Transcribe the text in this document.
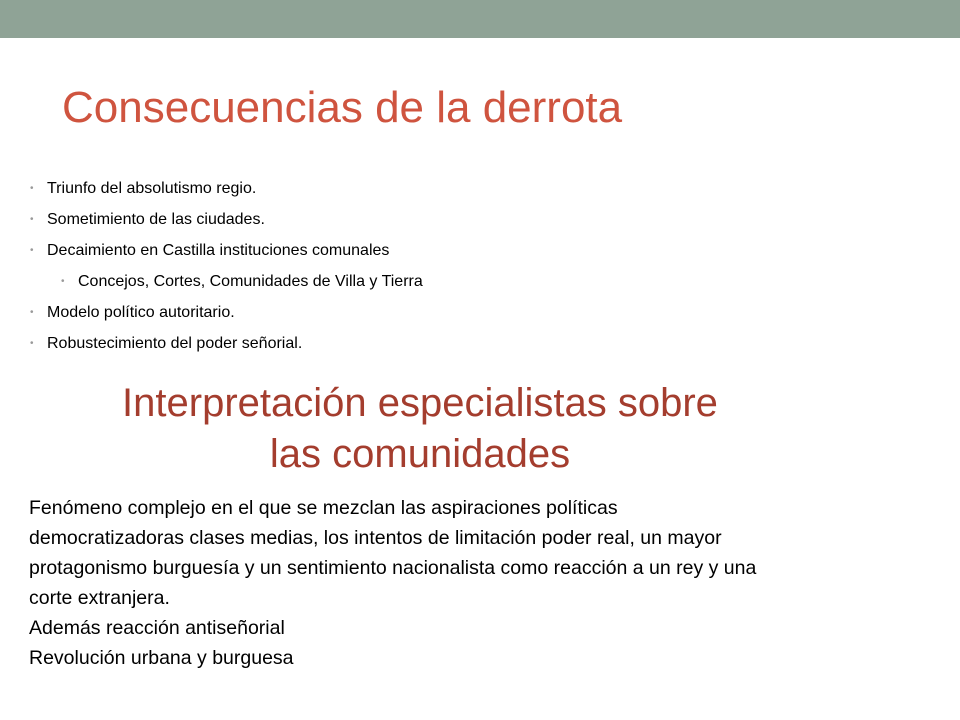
Consecuencias de la derrota
• Triunfo del absolutismo regio.
• Sometimiento de las ciudades.
• Decaimiento en Castilla instituciones comunales
• Concejos, Cortes, Comunidades de Villa y Tierra
• Modelo político autoritario.
• Robustecimiento del poder señorial.
Interpretación especialistas sobre
las comunidades
Fenómeno complejo en el que se mezclan las aspiraciones políticas
democratizadoras clases medias, los intentos de limitación poder real, un mayor
protagonismo burguesía y un sentimiento nacionalista como reacción a un rey y una
corte extranjera.
Además reacción antiseñorial
Revolución urbana y burguesa
